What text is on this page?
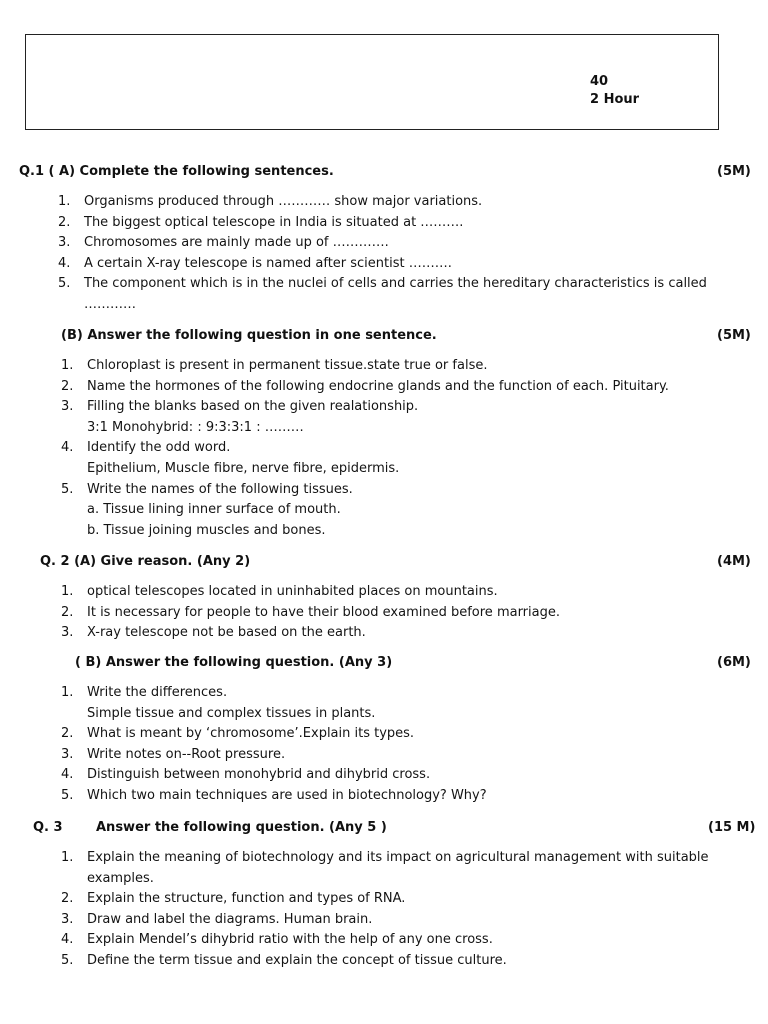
40
2 Hour
Q.1 ( A) Complete the following sentences.	(5M)
1.	Organisms produced through ………… show major variations.
2.	The biggest optical telescope in India is situated at ……….
3.	Chromosomes are mainly made up of ………….
4.	A certain X-ray telescope is named after scientist ……….
5.	The component which is in the nuclei of cells and carries the hereditary characteristics is called …………
(B) Answer the following question in one sentence.	(5M)
1.	Chloroplast is present in permanent tissue.state true or false.
2.	Name the hormones of the following endocrine glands and the function of each. Pituitary.
3.	Filling the blanks based on the given realationship.
3:1 Monohybrid: : 9:3:3:1 : ………
4.	Identify the odd word.
Epithelium, Muscle fibre, nerve fibre, epidermis.
5.	Write the names of the following tissues.
a. Tissue lining inner surface of mouth.
b. Tissue joining muscles and bones.
Q. 2 (A) Give reason. (Any 2)	(4M)
1.	optical telescopes located in uninhabited places on mountains.
2.	It is necessary for people to have their blood examined before marriage.
3.	X-ray telescope not be based on the earth.
( B) Answer the following question. (Any 3)	(6M)
1.	Write the differences.
Simple tissue and complex tissues in plants.
2.	What is meant by ‘chromosome’.Explain its types.
3.	Write notes on--Root pressure.
4.	Distinguish between monohybrid and dihybrid cross.
5.	Which two main techniques are used in biotechnology? Why?
Q. 3	Answer the following question. (Any 5 )	(15 M)
1.	Explain the meaning of biotechnology and its impact on agricultural management with suitable examples.
2.	Explain the structure, function and types of RNA.
3.	Draw and label the diagrams. Human brain.
4.	Explain Mendel’s dihybrid ratio with the help of any one cross.
5.	Define the term tissue and explain the concept of tissue culture.
